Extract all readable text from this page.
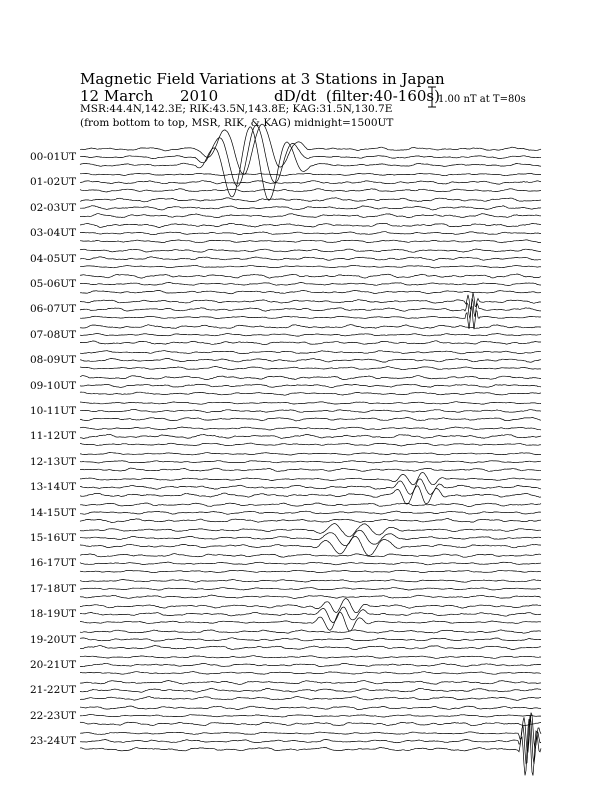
Magnetic Field Variations at 3 Stations in Japan
12 March 2010	dD/dt (filter:40-160s)
MSR:44.4N,142.3E; RIK:43.5N,143.8E; KAG:31.5N,130.7E
(from bottom to top, MSR, RIK, & KAG) midnight=1500UT
1.00 nT at T=80s
00-01UT
01-02UT
02-03UT
03-04UT
04-05UT
05-06UT
06-07UT
07-08UT
08-09UT
09-10UT
10-11UT
11-12UT
12-13UT
13-14UT
14-15UT
15-16UT
16-17UT
17-18UT
18-19UT
19-20UT
20-21UT
21-22UT
22-23UT
23-24UT
